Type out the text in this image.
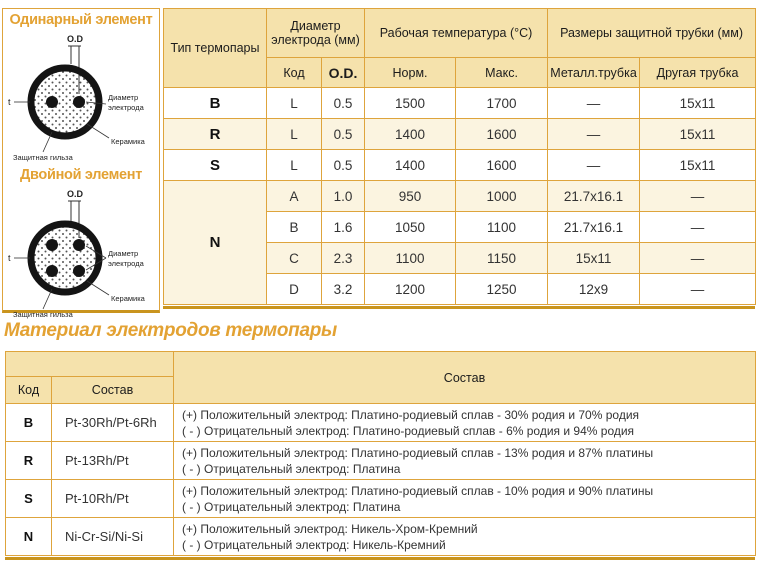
Одинарный элемент
O.D
t	Диаметр
электрода
Керамика
Защитная гильза
Двойной элемент
O.D
t	Диаметр
электрода
Керамика
Защитная гильза
Тип термопары	Диаметр электрода (мм)		Рабочая температура (°C)		Размеры защитной трубки (мм)	
	Код	O.D.	Норм.	Макс.	Металл.трубка	Другая трубка
B	L	0.5	1500	1700	—	15x11
R	L	0.5	1400	1600	—	15x11
S	L	0.5	1400	1600	—	15x11
N	A	1.0	950	1000	21.7x16.1	—
	B	1.6	1050	1100	21.7x16.1	—
	C	2.3	1100	1150	15x11	—
	D	3.2	1200	1250	12x9	—
Материал электродов термопары
		Состав
Код	Состав	
B	Pt-30Rh/Pt-6Rh	(+) Положительный электрод: Платино-родиевый сплав - 30% родия и 70% родия
( - ) Отрицательный электрод: Платино-родиевый сплав - 6% родия и 94% родия

R	Pt-13Rh/Pt	(+) Положительный электрод: Платино-родиевый сплав - 13% родия и 87% платины
( - ) Отрицательный электрод: Платина

S	Pt-10Rh/Pt	(+) Положительный электрод: Платино-родиевый сплав - 10% родия и 90% платины
( - ) Отрицательный электрод: Платина

N	Ni-Cr-Si/Ni-Si	(+) Положительный электрод: Никель-Хром-Кремний
( - ) Отрицательный электрод: Никель-Кремний
